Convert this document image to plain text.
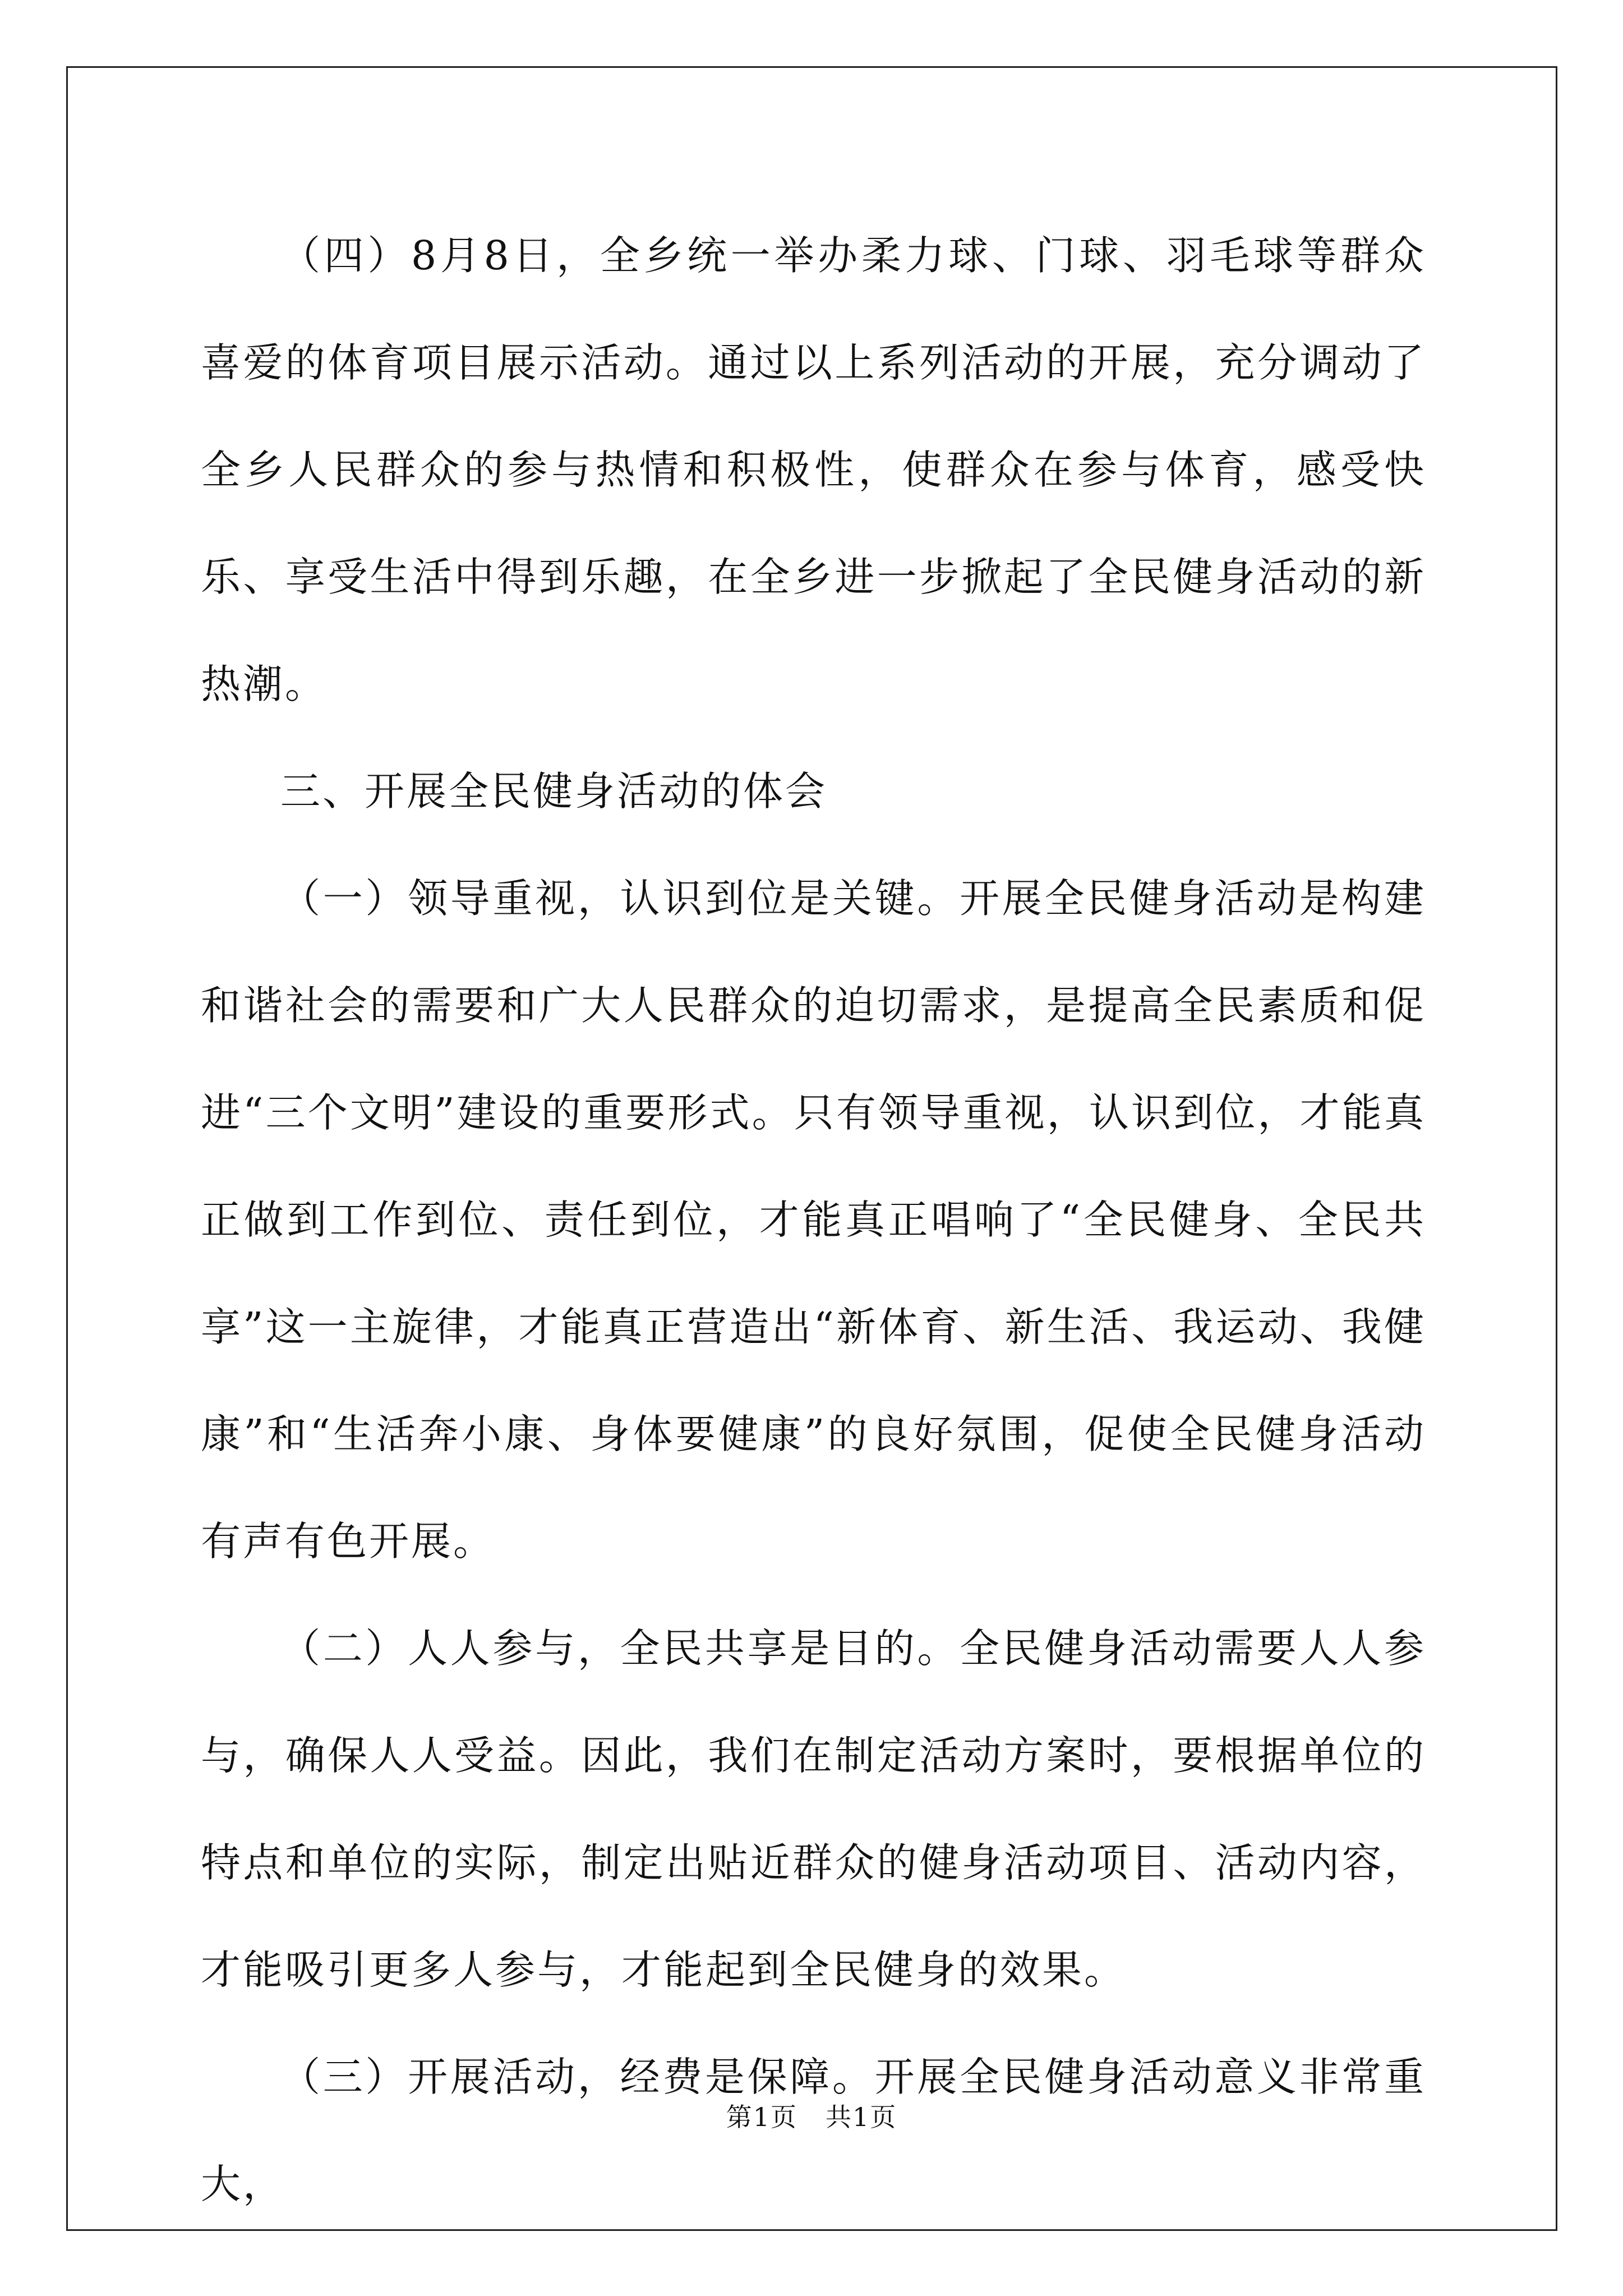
（四）8月8日，全乡统一举办柔力球、门球、羽毛球等群众喜爱的体育项目展示活动。通过以上系列活动的开展，充分调动了全乡人民群众的参与热情和积极性，使群众在参与体育，感受快乐、享受生活中得到乐趣，在全乡进一步掀起了全民健身活动的新热潮。

三、开展全民健身活动的体会

（一）领导重视，认识到位是关键。开展全民健身活动是构建和谐社会的需要和广大人民群众的迫切需求，是提高全民素质和促进“三个文明”建设的重要形式。只有领导重视，认识到位，才能真正做到工作到位、责任到位，才能真正唱响了“全民健身、全民共享”这一主旋律，才能真正营造出“新体育、新生活、我运动、我健康”和“生活奔小康、身体要健康”的良好氛围，促使全民健身活动有声有色开展。

（二）人人参与，全民共享是目的。全民健身活动需要人人参与，确保人人受益。因此，我们在制定活动方案时，要根据单位的特点和单位的实际，制定出贴近群众的健身活动项目、活动内容，才能吸引更多人参与，才能起到全民健身的效果。

（三）开展活动，经费是保障。开展全民健身活动意义非常重大，

第1页 共1页
